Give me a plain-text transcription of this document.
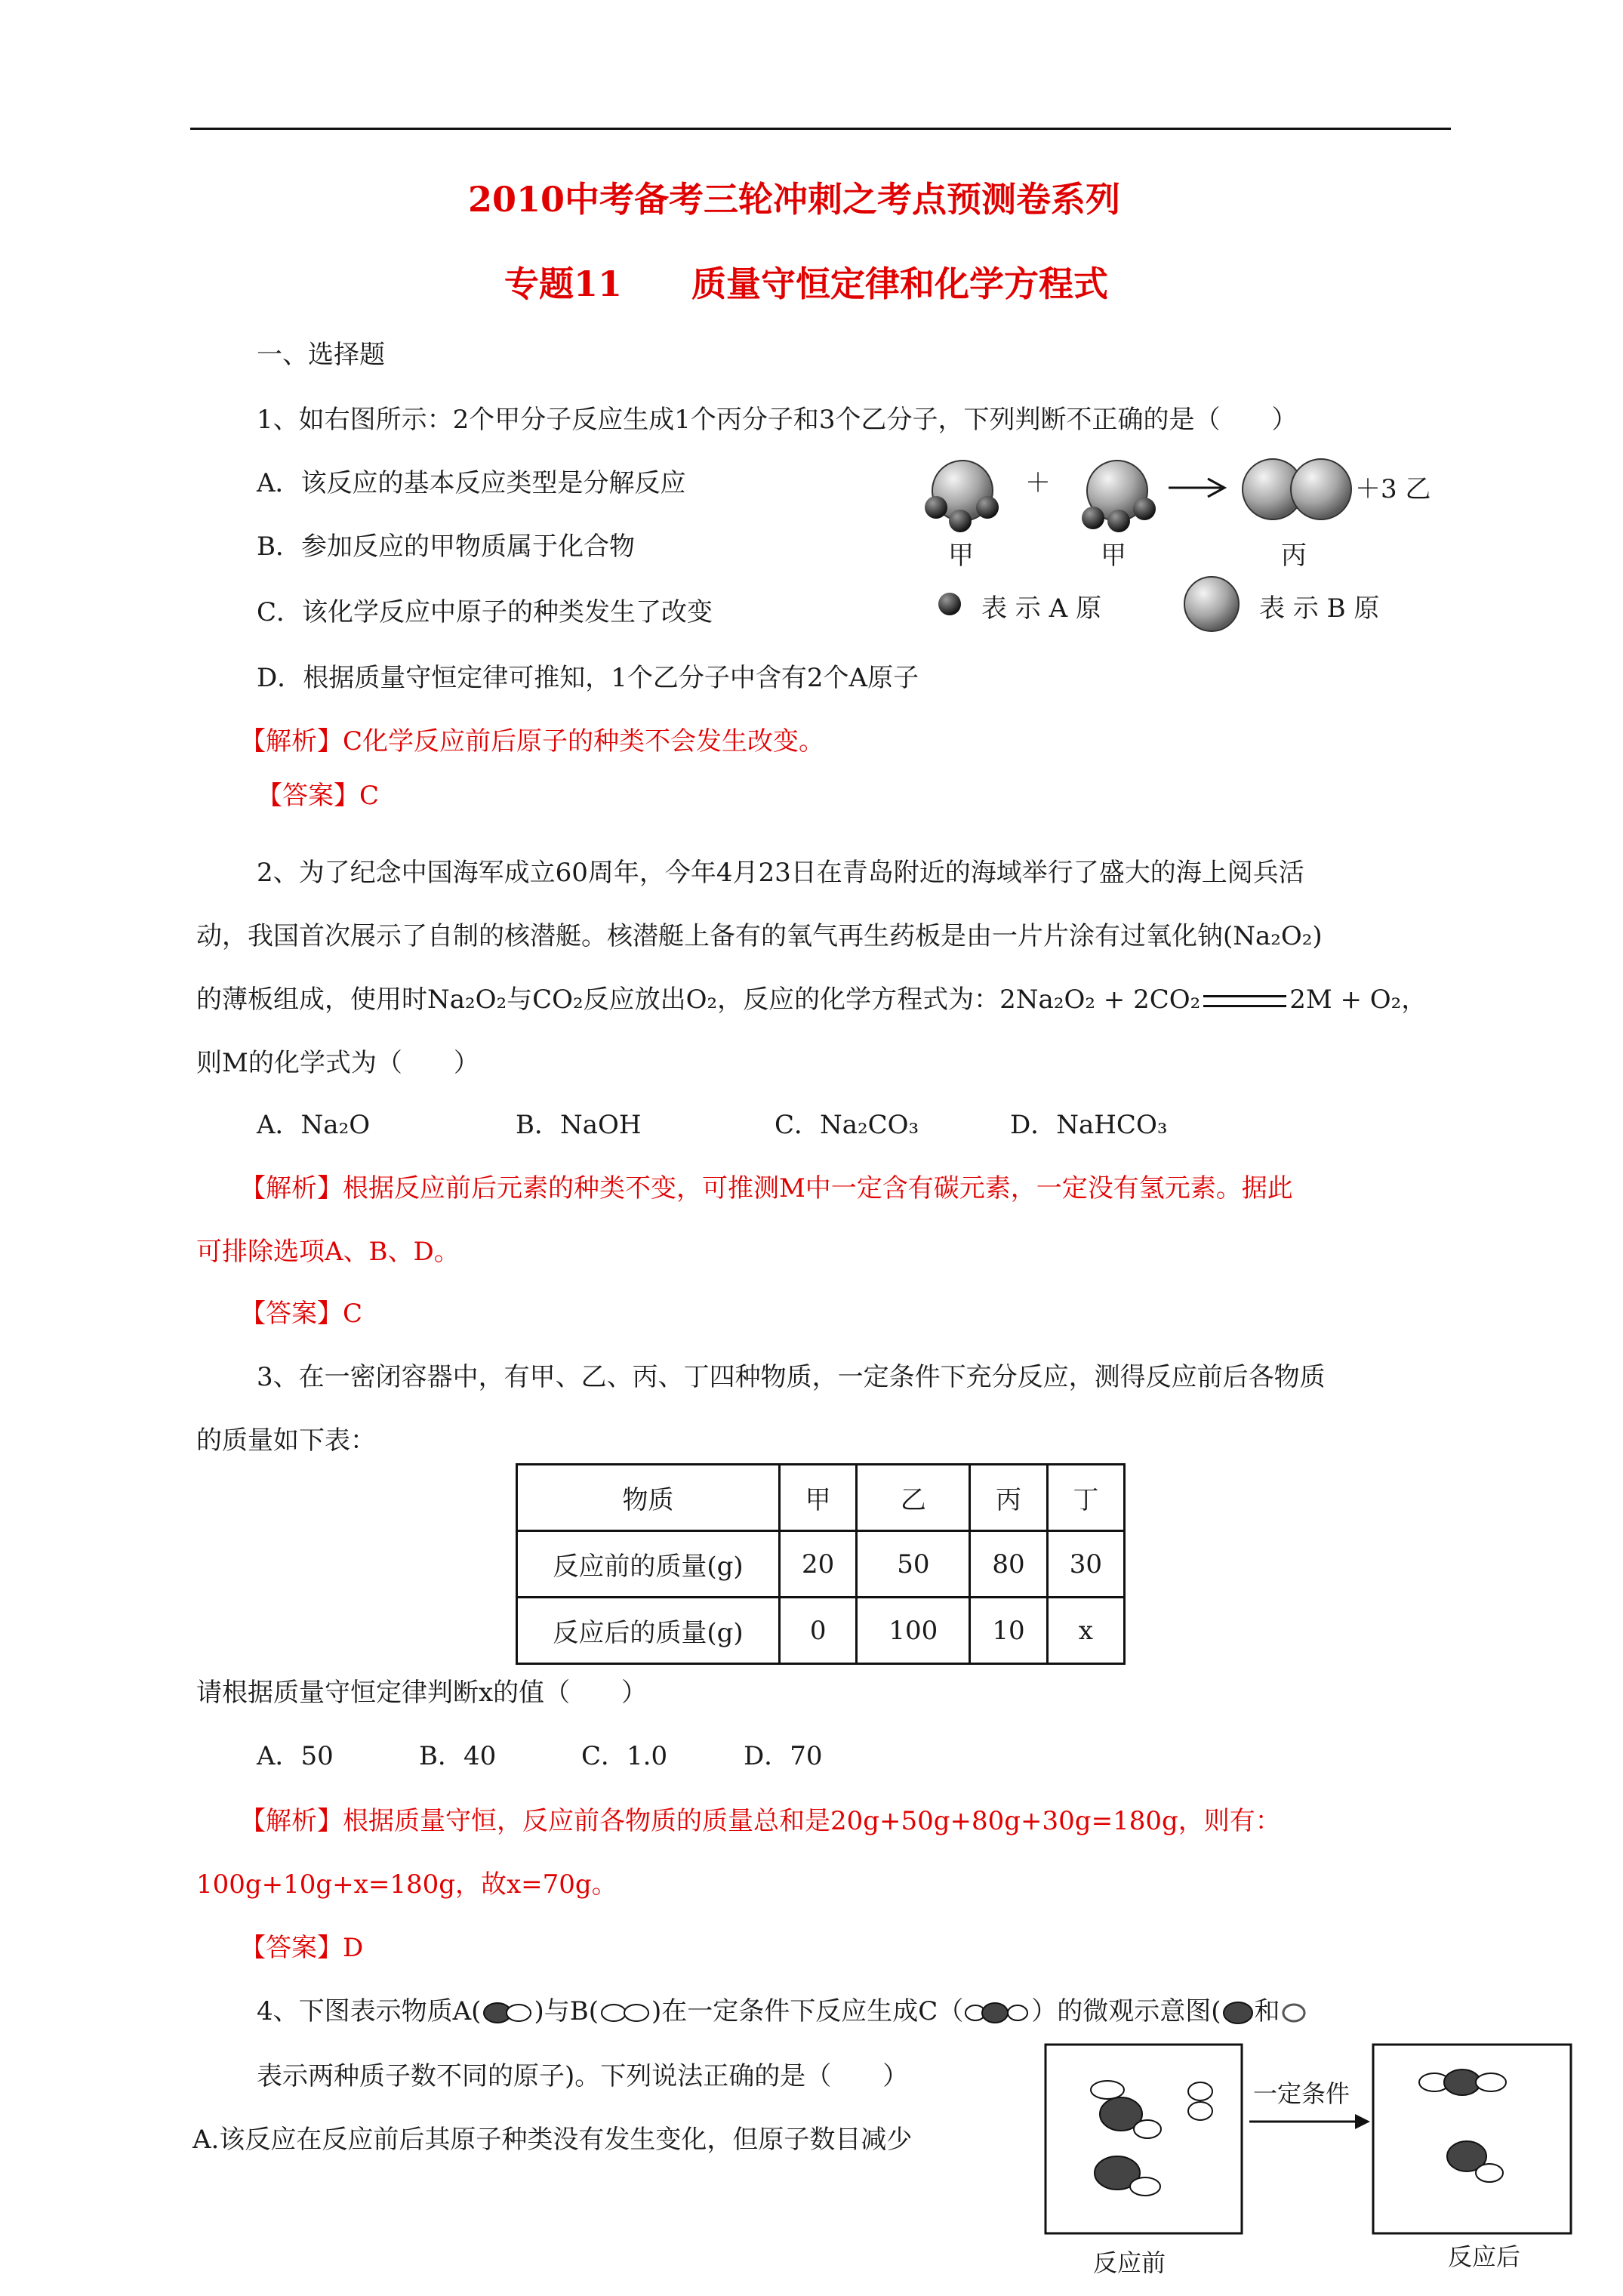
2010中考备考三轮冲刺之考点预测卷系列
专题11　　质量守恒定律和化学方程式
一、选择题
1、如右图所示：2个甲分子反应生成1个丙分子和3个乙分子，下列判断不正确的是（　　）
A．该反应的基本反应类型是分解反应
B．参加反应的甲物质属于化合物
C．该化学反应中原子的种类发生了改变
D．根据质量守恒定律可推知，1个乙分子中含有2个A原子
＋	＋3 乙
甲	甲	丙
表 示 A 原	表 示 B 原
【解析】C化学反应前后原子的种类不会发生改变。
【答案】C
2、为了纪念中国海军成立60周年，今年4月23日在青岛附近的海域举行了盛大的海上阅兵活
动，我国首次展示了自制的核潜艇。核潜艇上备有的氧气再生药板是由一片片涂有过氧化钠(Na₂O₂)
的薄板组成，使用时Na₂O₂与CO₂反应放出O₂，反应的化学方程式为：2Na₂O₂ + 2CO₂	2M + O₂，
则M的化学式为（　　）
A．Na₂O	B．NaOH	C．Na₂CO₃	D．NaHCO₃
【解析】根据反应前后元素的种类不变，可推测M中一定含有碳元素，一定没有氢元素。据此
可排除选项A、B、D。
【答案】C
3、在一密闭容器中，有甲、乙、丙、丁四种物质，一定条件下充分反应，测得反应前后各物质
的质量如下表：
物质	甲	乙	丙	丁
反应前的质量(g)	20	50	80	30
反应后的质量(g)	0	100	10	x
请根据质量守恒定律判断x的值（　　）
A．50	B．40	C．1.0	D．70
【解析】根据质量守恒，反应前各物质的质量总和是20g+50g+80g+30g=180g，则有：
100g+10g+x=180g，故x=70g。
【答案】D
4、下图表示物质A( )与B( )在一定条件下反应生成C（	）的微观示意图( 和
表示两种质子数不同的原子)。下列说法正确的是（　　）
A.该反应在反应前后其原子种类没有发生变化，但原子数目减少
一定条件
反应前	反应后
